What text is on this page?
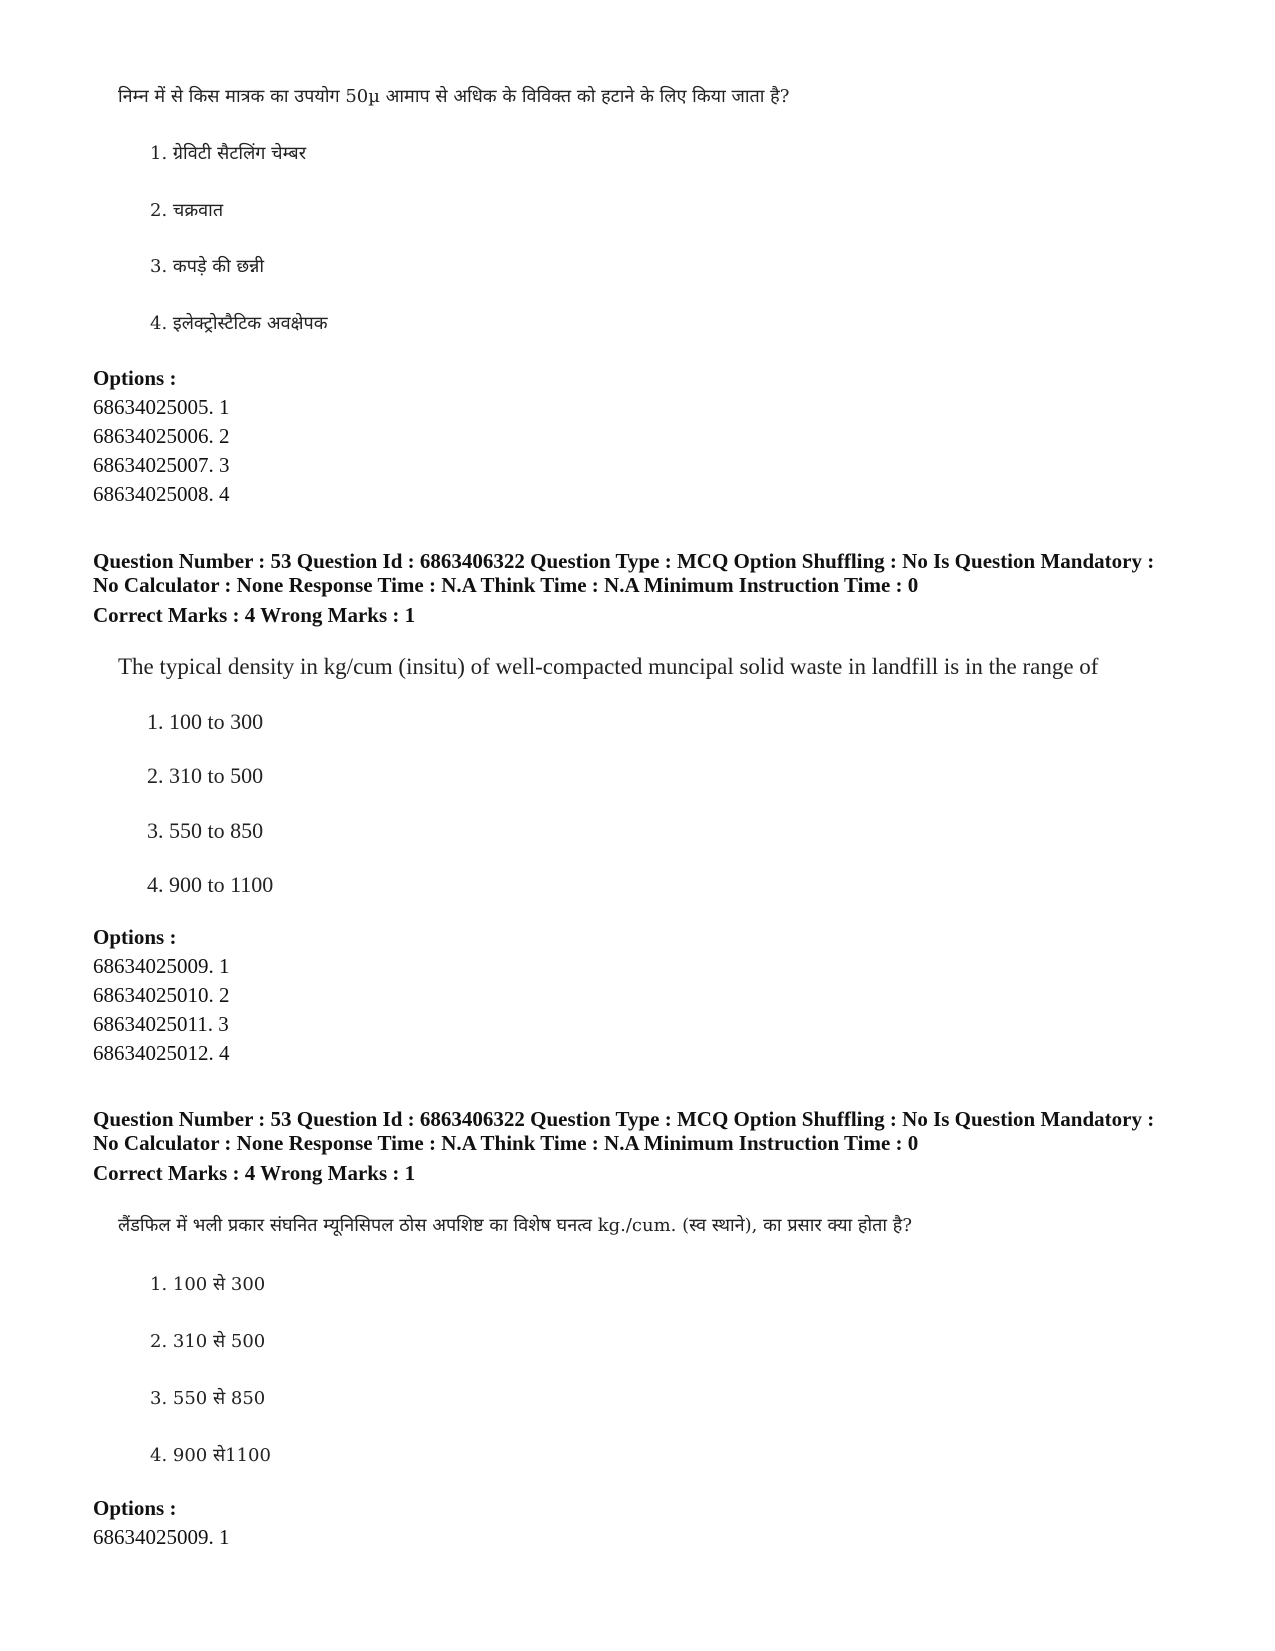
निम्न में से किस मात्रक का उपयोग 50µ आमाप से अधिक के विविक्त को हटाने के लिए किया जाता है?
1. ग्रेविटी सैटलिंग चेम्बर
2. चक्रवात
3. कपड़े की छन्नी
4. इलेक्ट्रोस्टैटिक अवक्षेपक
Options :
68634025005. 1
68634025006. 2
68634025007. 3
68634025008. 4
Question Number : 53 Question Id : 6863406322 Question Type : MCQ Option Shuffling : No Is Question Mandatory :
No Calculator : None Response Time : N.A Think Time : N.A Minimum Instruction Time : 0
Correct Marks : 4 Wrong Marks : 1
The typical density in kg/cum (insitu) of well-compacted muncipal solid waste in landfill is in the range of
1. 100 to 300
2. 310 to 500
3. 550 to 850
4. 900 to 1100
Options :
68634025009. 1
68634025010. 2
68634025011. 3
68634025012. 4
Question Number : 53 Question Id : 6863406322 Question Type : MCQ Option Shuffling : No Is Question Mandatory :
No Calculator : None Response Time : N.A Think Time : N.A Minimum Instruction Time : 0
Correct Marks : 4 Wrong Marks : 1
लैंडफिल में भली प्रकार संघनित म्यूनिसिपल ठोस अपशिष्ट का विशेष घनत्व kg./cum. (स्व स्थाने), का प्रसार क्या होता है?
1. 100 से 300
2. 310 से 500
3. 550 से 850
4. 900 से1100
Options :
68634025009. 1
